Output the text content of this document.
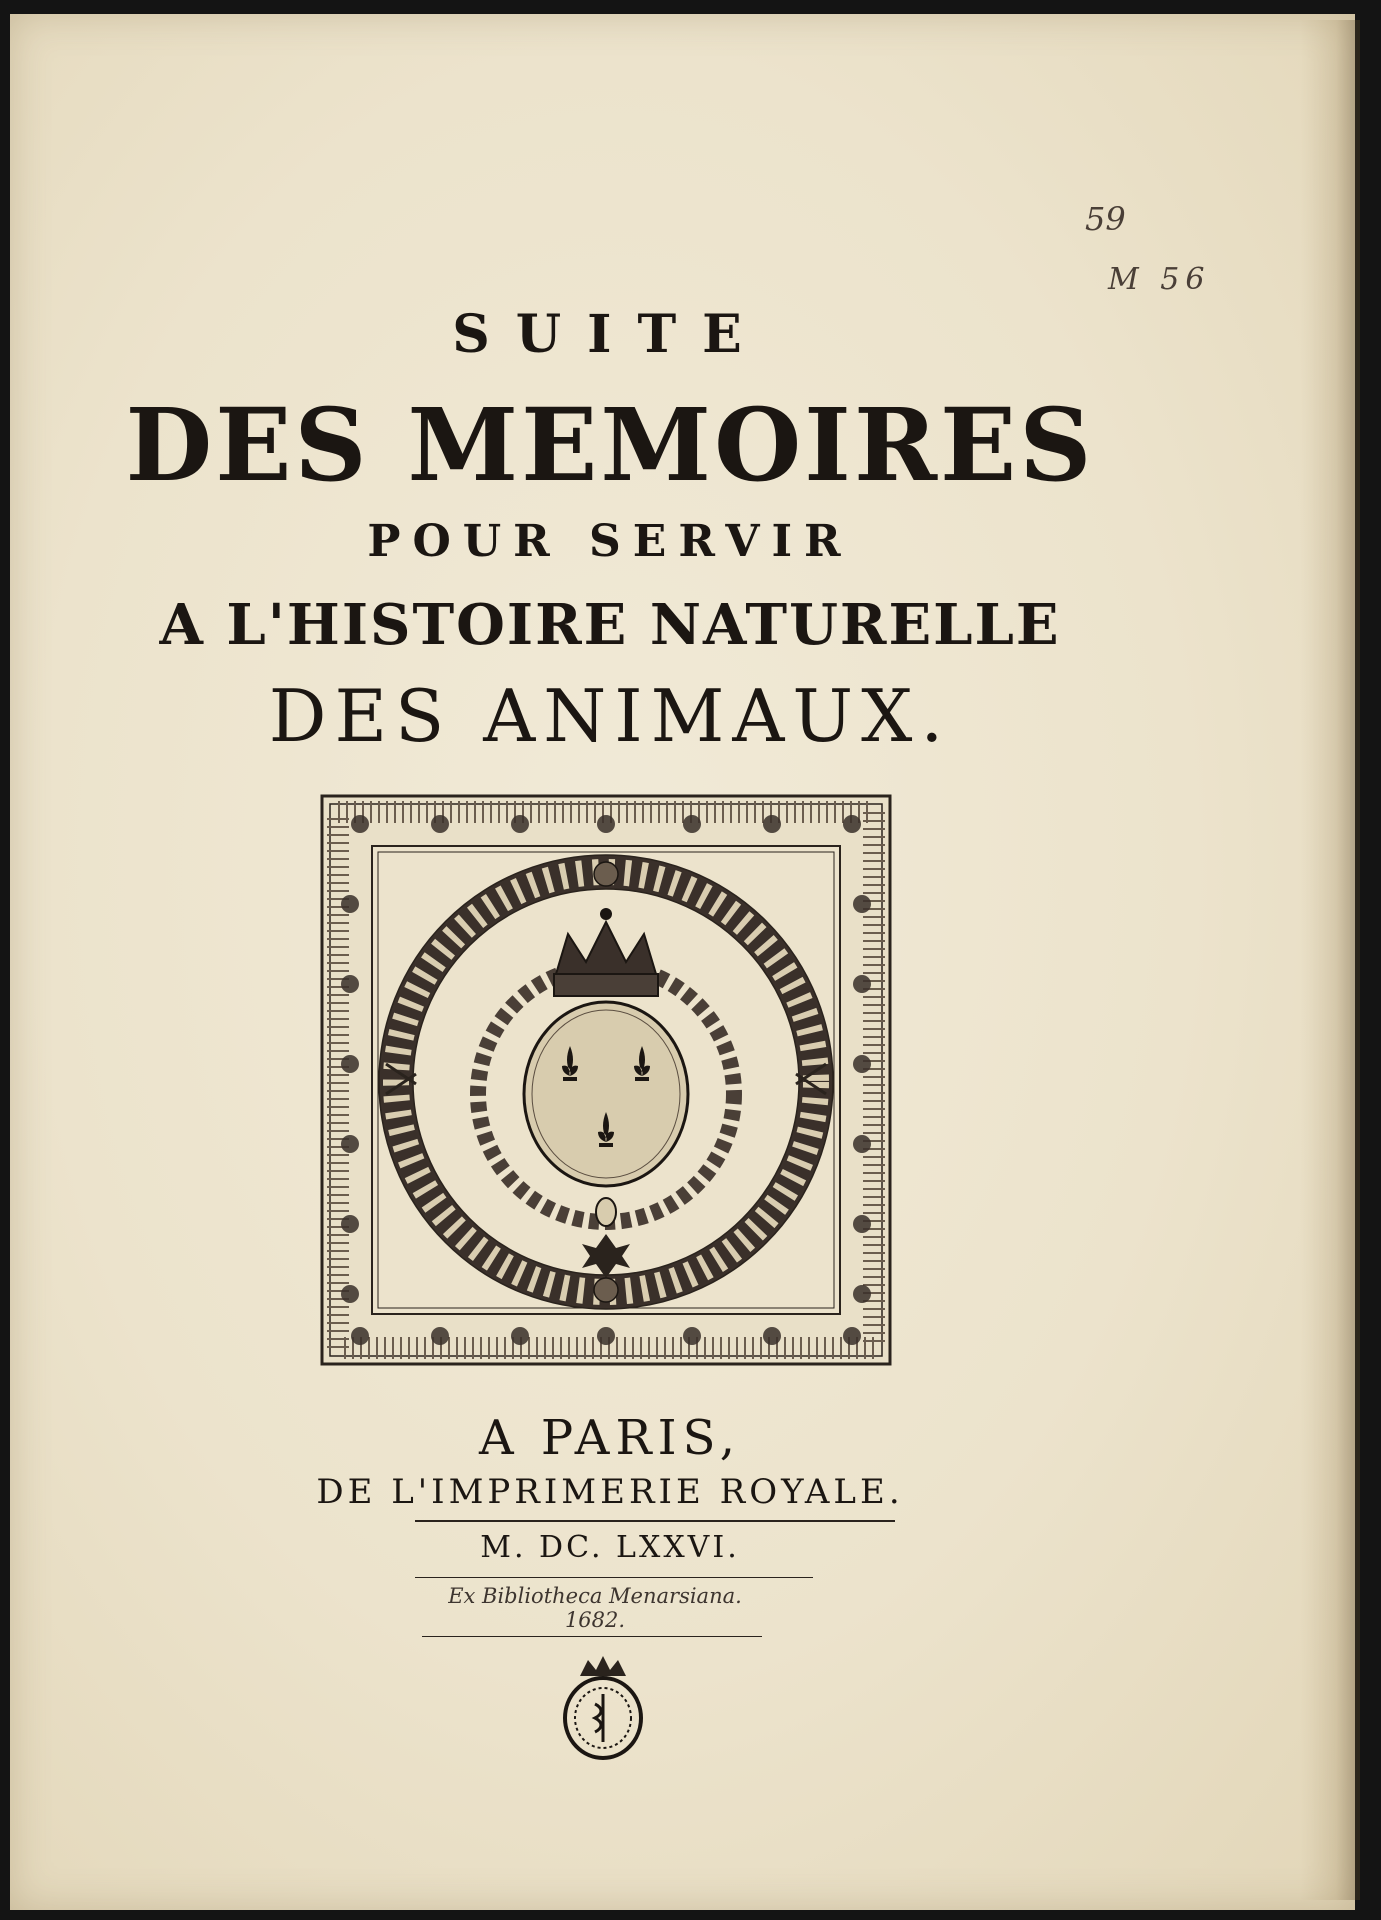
SUITE
DES MEMOIRES
POUR SERVIR
A L'HISTOIRE NATURELLE
DES ANIMAUX.
59
M 56
A PARIS,
DE L'IMPRIMERIE ROYALE.
M. DC. LXXVI.
Ex Bibliotheca Menarsiana. 1682.
